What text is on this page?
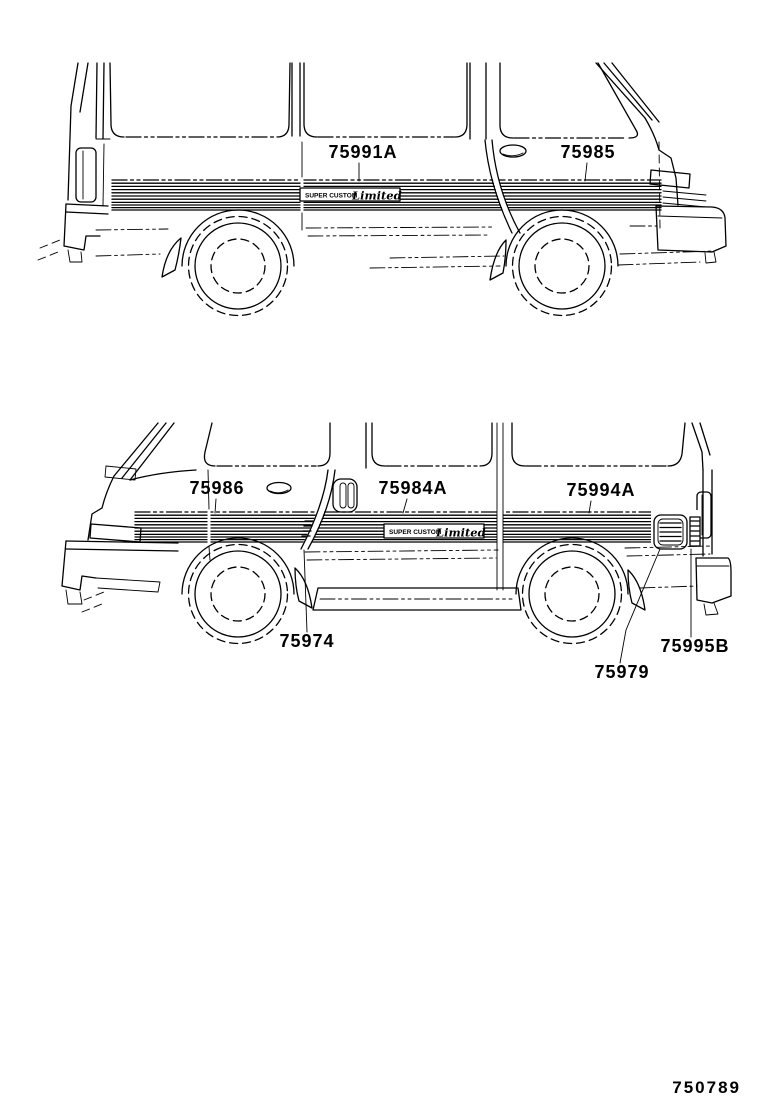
SUPER CUSTOM
Limited
75991A	75985
SUPER CUSTOM
Limited
75986	75984A	75994A
75974
75979
75995B
750789
